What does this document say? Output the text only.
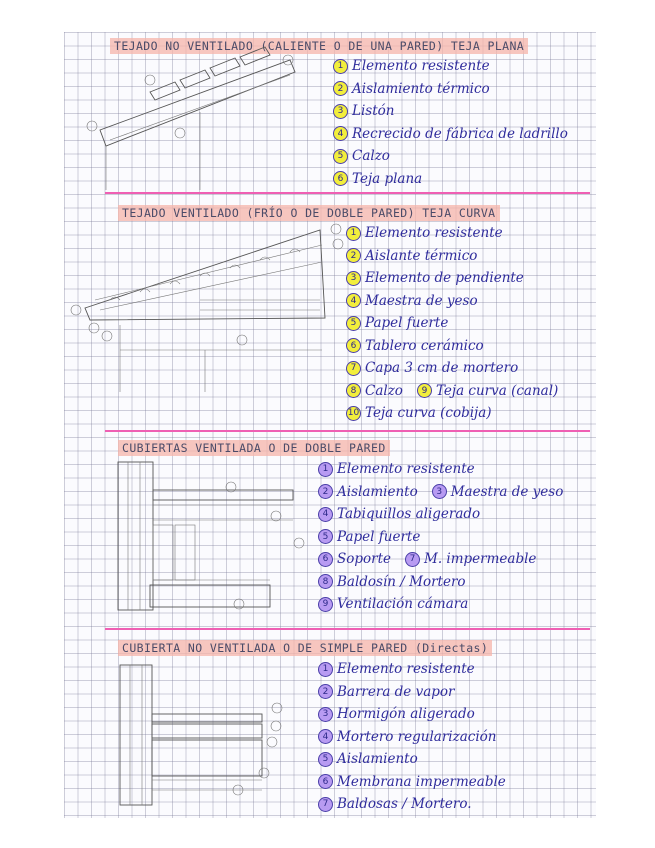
TEJADO NO VENTILADO (CALIENTE O DE UNA PARED) TEJA PLANA
TEJADO VENTILADO (FRÍO O DE DOBLE PARED) TEJA CURVA
CUBIERTAS VENTILADA O DE DOBLE PARED
CUBIERTA NO VENTILADA O DE SIMPLE PARED (Directas)
1 Elemento resistente
2 Aislamiento térmico
3 Listón
4 Recrecido de fábrica de ladrillo
5 Calzo
6 Teja plana
1 Elemento resistente
2 Aislante térmico
3 Elemento de pendiente
4 Maestra de yeso
5 Papel fuerte
6 Tablero cerámico
7 Capa 3 cm de mortero
8 Calzo	9 Teja curva (canal)
10 Teja curva (cobija)
1 Elemento resistente
2 Aislamiento	3 Maestra de yeso
4 Tabiquillos aligerado
5 Papel fuerte
6 Soporte	7 M. impermeable
8 Baldosín / Mortero
9 Ventilación cámara
1 Elemento resistente
2 Barrera de vapor
3 Hormigón aligerado
4 Mortero regularización
5 Aislamiento
6 Membrana impermeable
7 Baldosas / Mortero.
